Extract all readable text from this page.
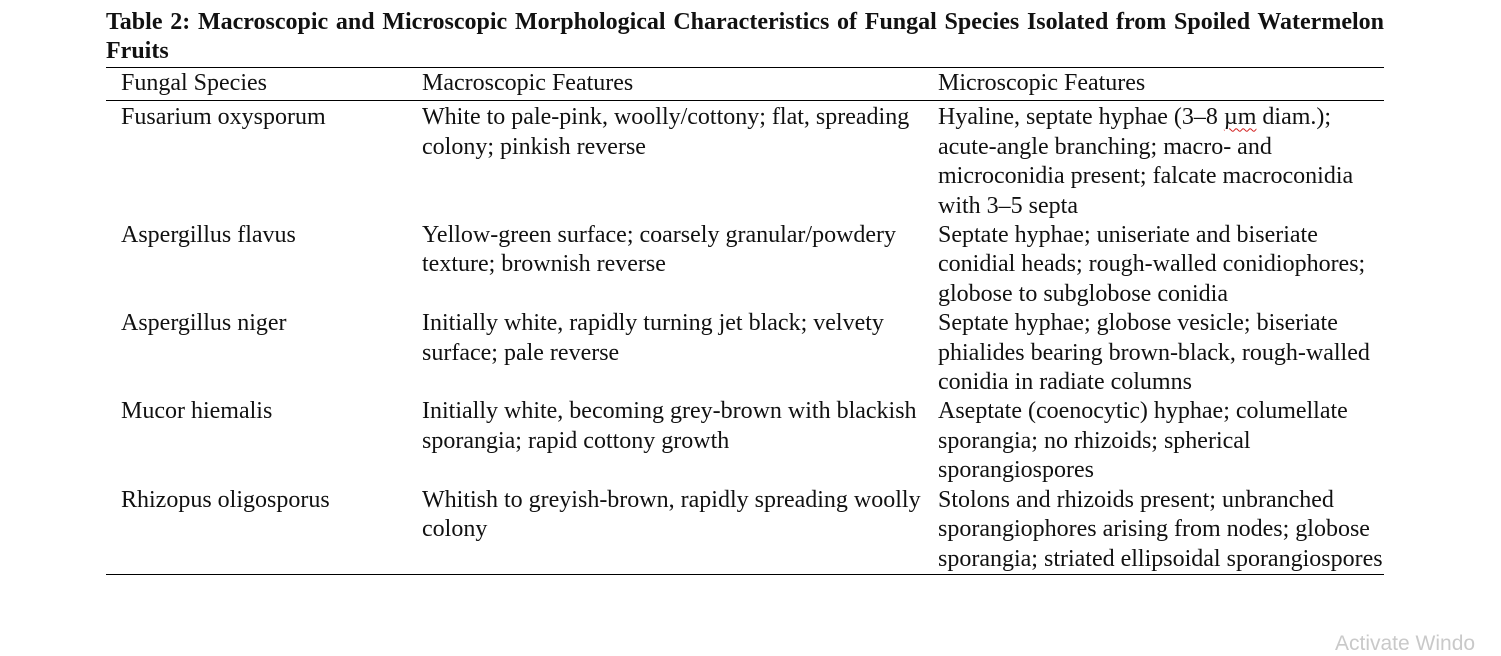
Table 2: Macroscopic and Microscopic Morphological Characteristics of Fungal Species Isolated from Spoiled Watermelon Fruits

Fungal Species	Macroscopic Features	Microscopic Features
Fusarium oxysporum	White to pale-pink, woolly/cottony; flat, spreading colony; pinkish reverse	Hyaline, septate hyphae (3–8 µm diam.); acute-angle branching; macro- and microconidia present; falcate macroconidia with 3–5 septa
Aspergillus flavus	Yellow-green surface; coarsely granular/powdery texture; brownish reverse	Septate hyphae; uniseriate and biseriate conidial heads; rough-walled conidiophores; globose to subglobose conidia
Aspergillus niger	Initially white, rapidly turning jet black; velvety surface; pale reverse	Septate hyphae; globose vesicle; biseriate phialides bearing brown-black, rough-walled conidia in radiate columns
Mucor hiemalis	Initially white, becoming grey-brown with blackish sporangia; rapid cottony growth	Aseptate (coenocytic) hyphae; columellate sporangia; no rhizoids; spherical sporangiospores
Rhizopus oligosporus	Whitish to greyish-brown, rapidly spreading woolly colony	Stolons and rhizoids present; unbranched sporangiophores arising from nodes; globose sporangia; striated ellipsoidal sporangiospores
Activate Windo
